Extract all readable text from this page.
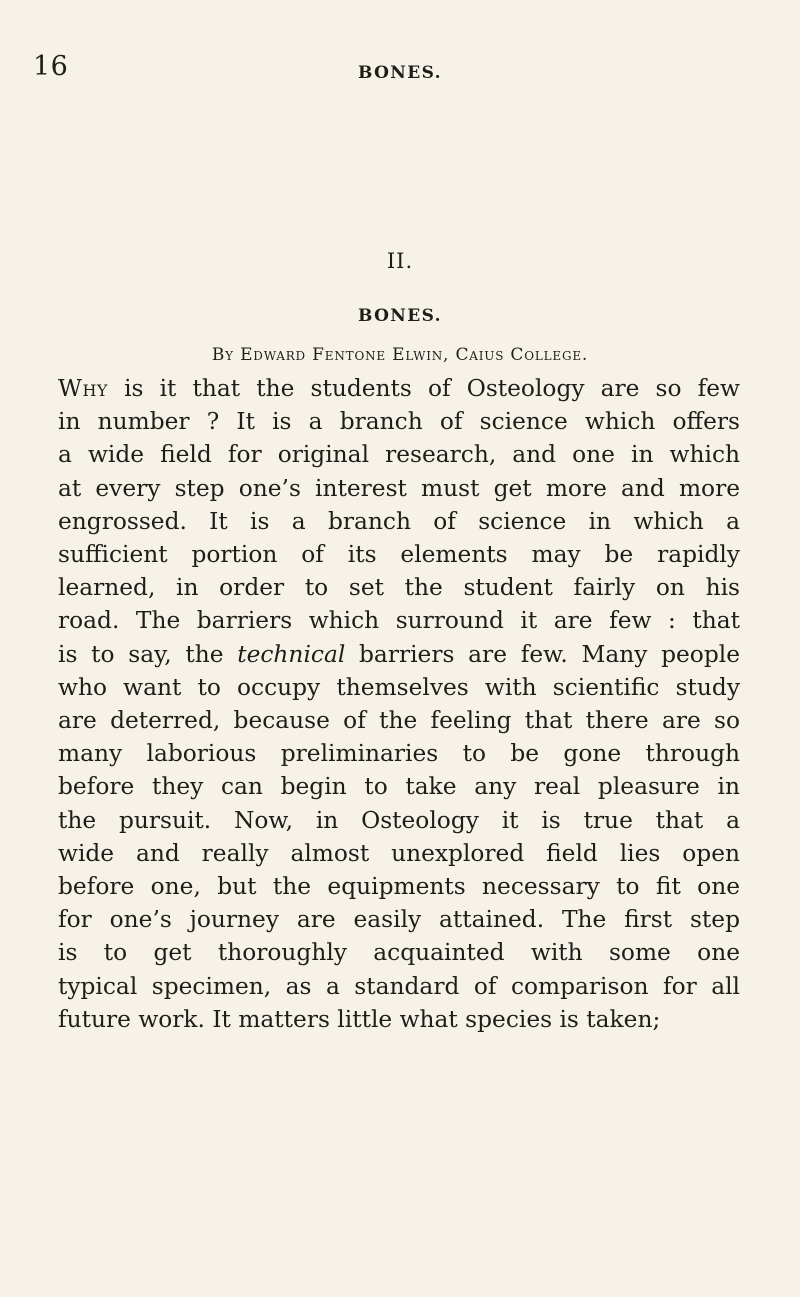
16	BONES.
II.
BONES.
By Edward Fentone Elwin, Caius College.
Why is it that the students of Osteology are so few
in number ? It is a branch of science which offers
a wide field for original research, and one in which
at every step one’s interest must get more and more
engrossed. It is a branch of science in which a
sufficient portion of its elements may be rapidly
learned, in order to set the student fairly on his
road. The barriers which surround it are few : that
is to say, the technical barriers are few. Many people
who want to occupy themselves with scientific study
are deterred, because of the feeling that there are so
many laborious preliminaries to be gone through
before they can begin to take any real pleasure in
the pursuit. Now, in Osteology it is true that a
wide and really almost unexplored field lies open
before one, but the equipments necessary to fit one
for one’s journey are easily attained. The first step
is to get thoroughly acquainted with some one
typical specimen, as a standard of comparison for all
future work. It matters little what species is taken;
